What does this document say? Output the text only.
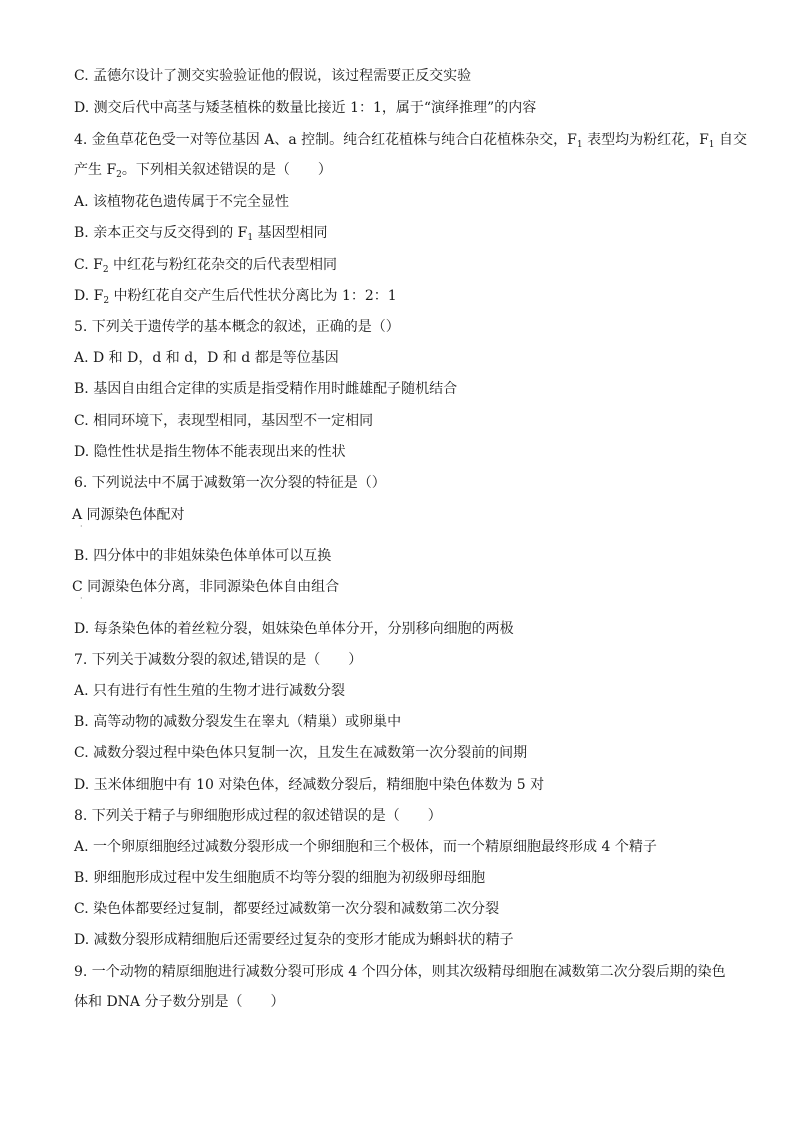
C. 孟德尔设计了测交实验验证他的假说，该过程需要正反交实验
D. 测交后代中高茎与矮茎植株的数量比接近 1：1，属于“演绎推理”的内容
4. 金鱼草花色受一对等位基因 A、a 控制。纯合红花植株与纯合白花植株杂交，$F_1$ 表型均为粉红花，$F_1$ 自交
产生 $F_2$。下列相关叙述错误的是（　　）
A. 该植物花色遗传属于不完全显性
B. 亲本正交与反交得到的 $F_1$ 基因型相同
C. $F_2$ 中红花与粉红花杂交的后代表型相同
D. $F_2$ 中粉红花自交产生后代性状分离比为 1：2：1
5. 下列关于遗传学的基本概念的叙述，正确的是（）
A. D 和 D，d 和 d，D 和 d 都是等位基因
B. 基因自由组合定律的实质是指受精作用时雌雄配子随机结合
C. 相同环境下，表现型相同，基因型不一定相同
D. 隐性性状是指生物体不能表现出来的性状
6. 下列说法中不属于减数第一次分裂的特征是（）
A 同源染色体配对
·
B. 四分体中的非姐妹染色体单体可以互换
C 同源染色体分离，非同源染色体自由组合
·
D. 每条染色体的着丝粒分裂，姐妹染色单体分开，分别移向细胞的两极
7. 下列关于减数分裂的叙述,错误的是（　　）
A. 只有进行有性生殖的生物才进行减数分裂
B. 高等动物的减数分裂发生在睾丸（精巢）或卵巢中
C. 减数分裂过程中染色体只复制一次，且发生在减数第一次分裂前的间期
D. 玉米体细胞中有 10 对染色体，经减数分裂后，精细胞中染色体数为 5 对
8. 下列关于精子与卵细胞形成过程的叙述错误的是（　　）
A. 一个卵原细胞经过减数分裂形成一个卵细胞和三个极体，而一个精原细胞最终形成 4 个精子
B. 卵细胞形成过程中发生细胞质不均等分裂的细胞为初级卵母细胞
C. 染色体都要经过复制，都要经过减数第一次分裂和减数第二次分裂
D. 减数分裂形成精细胞后还需要经过复杂的变形才能成为蝌蚪状的精子
9. 一个动物的精原细胞进行减数分裂可形成 4 个四分体，则其次级精母细胞在减数第二次分裂后期的染色
体和 DNA 分子数分别是（　　）
